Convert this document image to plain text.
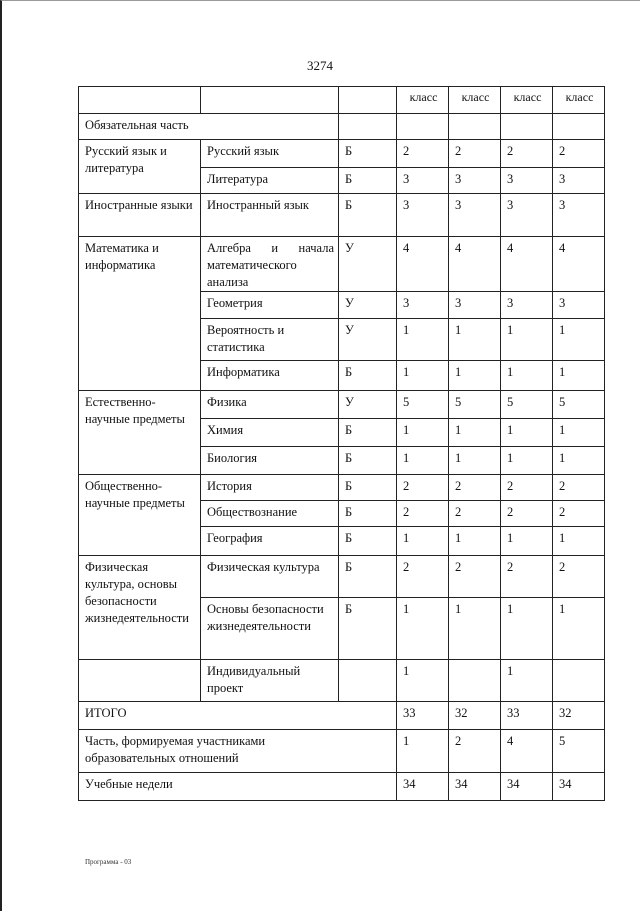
3274
			класс	класс	класс	класс
Обязательная часть						
Русский язык и литература	Русский язык	Б	2	2	2	2
	Литература	Б	3	3	3	3
Иностранные языки	Иностранный язык	Б	3	3	3	3
Математика и информатика	Алгебра и начала математического анализа	У	4	4	4	4
	Геометрия	У	3	3	3	3
	Вероятность и статистика	У	1	1	1	1
	Информатика	Б	1	1	1	1
Естественно-научные предметы	Физика	У	5	5	5	5
	Химия	Б	1	1	1	1
	Биология	Б	1	1	1	1
Общественно-научные предметы	История	Б	2	2	2	2
	Обществознание	Б	2	2	2	2
	География	Б	1	1	1	1
Физическая культура, основы безопасности жизнедеятельности	Физическая культура	Б	2	2	2	2
	Основы безопасности жизнедеятельности	Б	1	1	1	1
	Индивидуальный проект		1		1	
ИТОГО			33	32	33	32
Часть, формируемая участниками образовательных отношений			1	2	4	5
Учебные недели			34	34	34	34
Программа - 03
